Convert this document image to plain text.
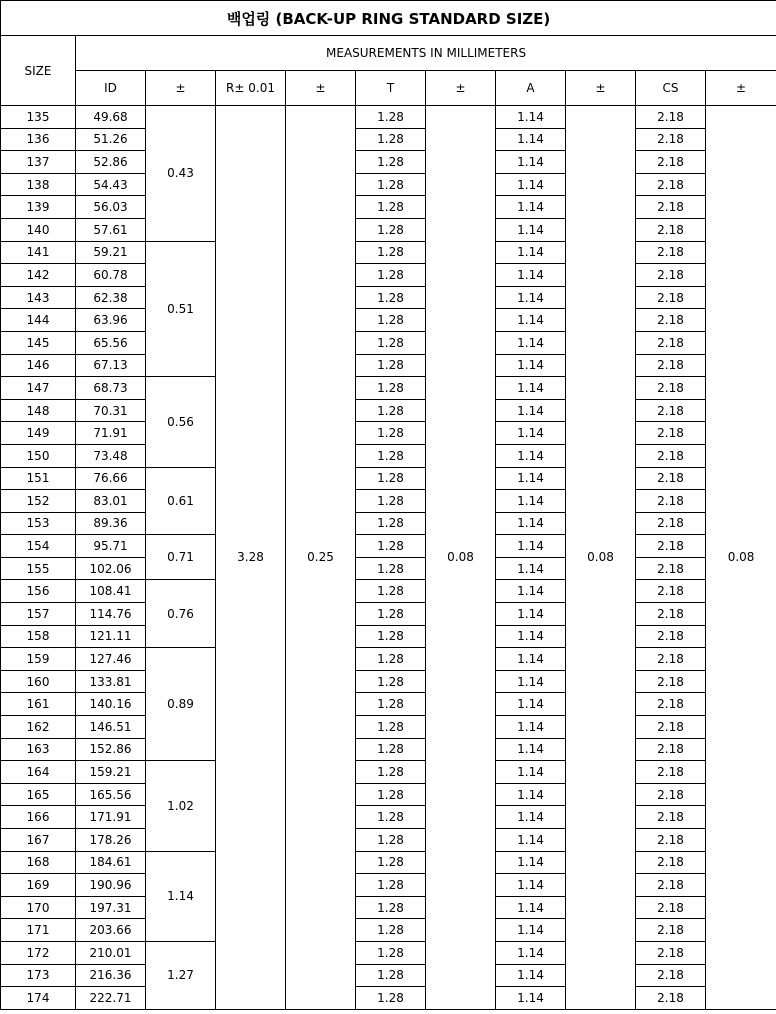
백업링 (BACK-UP RING STANDARD SIZE)										
SIZE	MEASUREMENTS IN MILLIMETERS									
	ID	±	R± 0.01	±	T	±	A	±	CS	±
135	49.68	0.43	3.28	0.25	1.28	0.08	1.14	0.08	2.18	0.08
136	51.26				1.28		1.14		2.18	
137	52.86				1.28		1.14		2.18	
138	54.43				1.28		1.14		2.18	
139	56.03				1.28		1.14		2.18	
140	57.61				1.28		1.14		2.18	
141	59.21	0.51			1.28		1.14		2.18	
142	60.78				1.28		1.14		2.18	
143	62.38				1.28		1.14		2.18	
144	63.96				1.28		1.14		2.18	
145	65.56				1.28		1.14		2.18	
146	67.13				1.28		1.14		2.18	
147	68.73	0.56			1.28		1.14		2.18	
148	70.31				1.28		1.14		2.18	
149	71.91				1.28		1.14		2.18	
150	73.48				1.28		1.14		2.18	
151	76.66	0.61			1.28		1.14		2.18	
152	83.01				1.28		1.14		2.18	
153	89.36				1.28		1.14		2.18	
154	95.71	0.71			1.28		1.14		2.18	
155	102.06				1.28		1.14		2.18	
156	108.41	0.76			1.28		1.14		2.18	
157	114.76				1.28		1.14		2.18	
158	121.11				1.28		1.14		2.18	
159	127.46	0.89			1.28		1.14		2.18	
160	133.81				1.28		1.14		2.18	
161	140.16				1.28		1.14		2.18	
162	146.51				1.28		1.14		2.18	
163	152.86				1.28		1.14		2.18	
164	159.21	1.02			1.28		1.14		2.18	
165	165.56				1.28		1.14		2.18	
166	171.91				1.28		1.14		2.18	
167	178.26				1.28		1.14		2.18	
168	184.61	1.14			1.28		1.14		2.18	
169	190.96				1.28		1.14		2.18	
170	197.31				1.28		1.14		2.18	
171	203.66				1.28		1.14		2.18	
172	210.01	1.27			1.28		1.14		2.18	
173	216.36				1.28		1.14		2.18	
174	222.71				1.28		1.14		2.18	
